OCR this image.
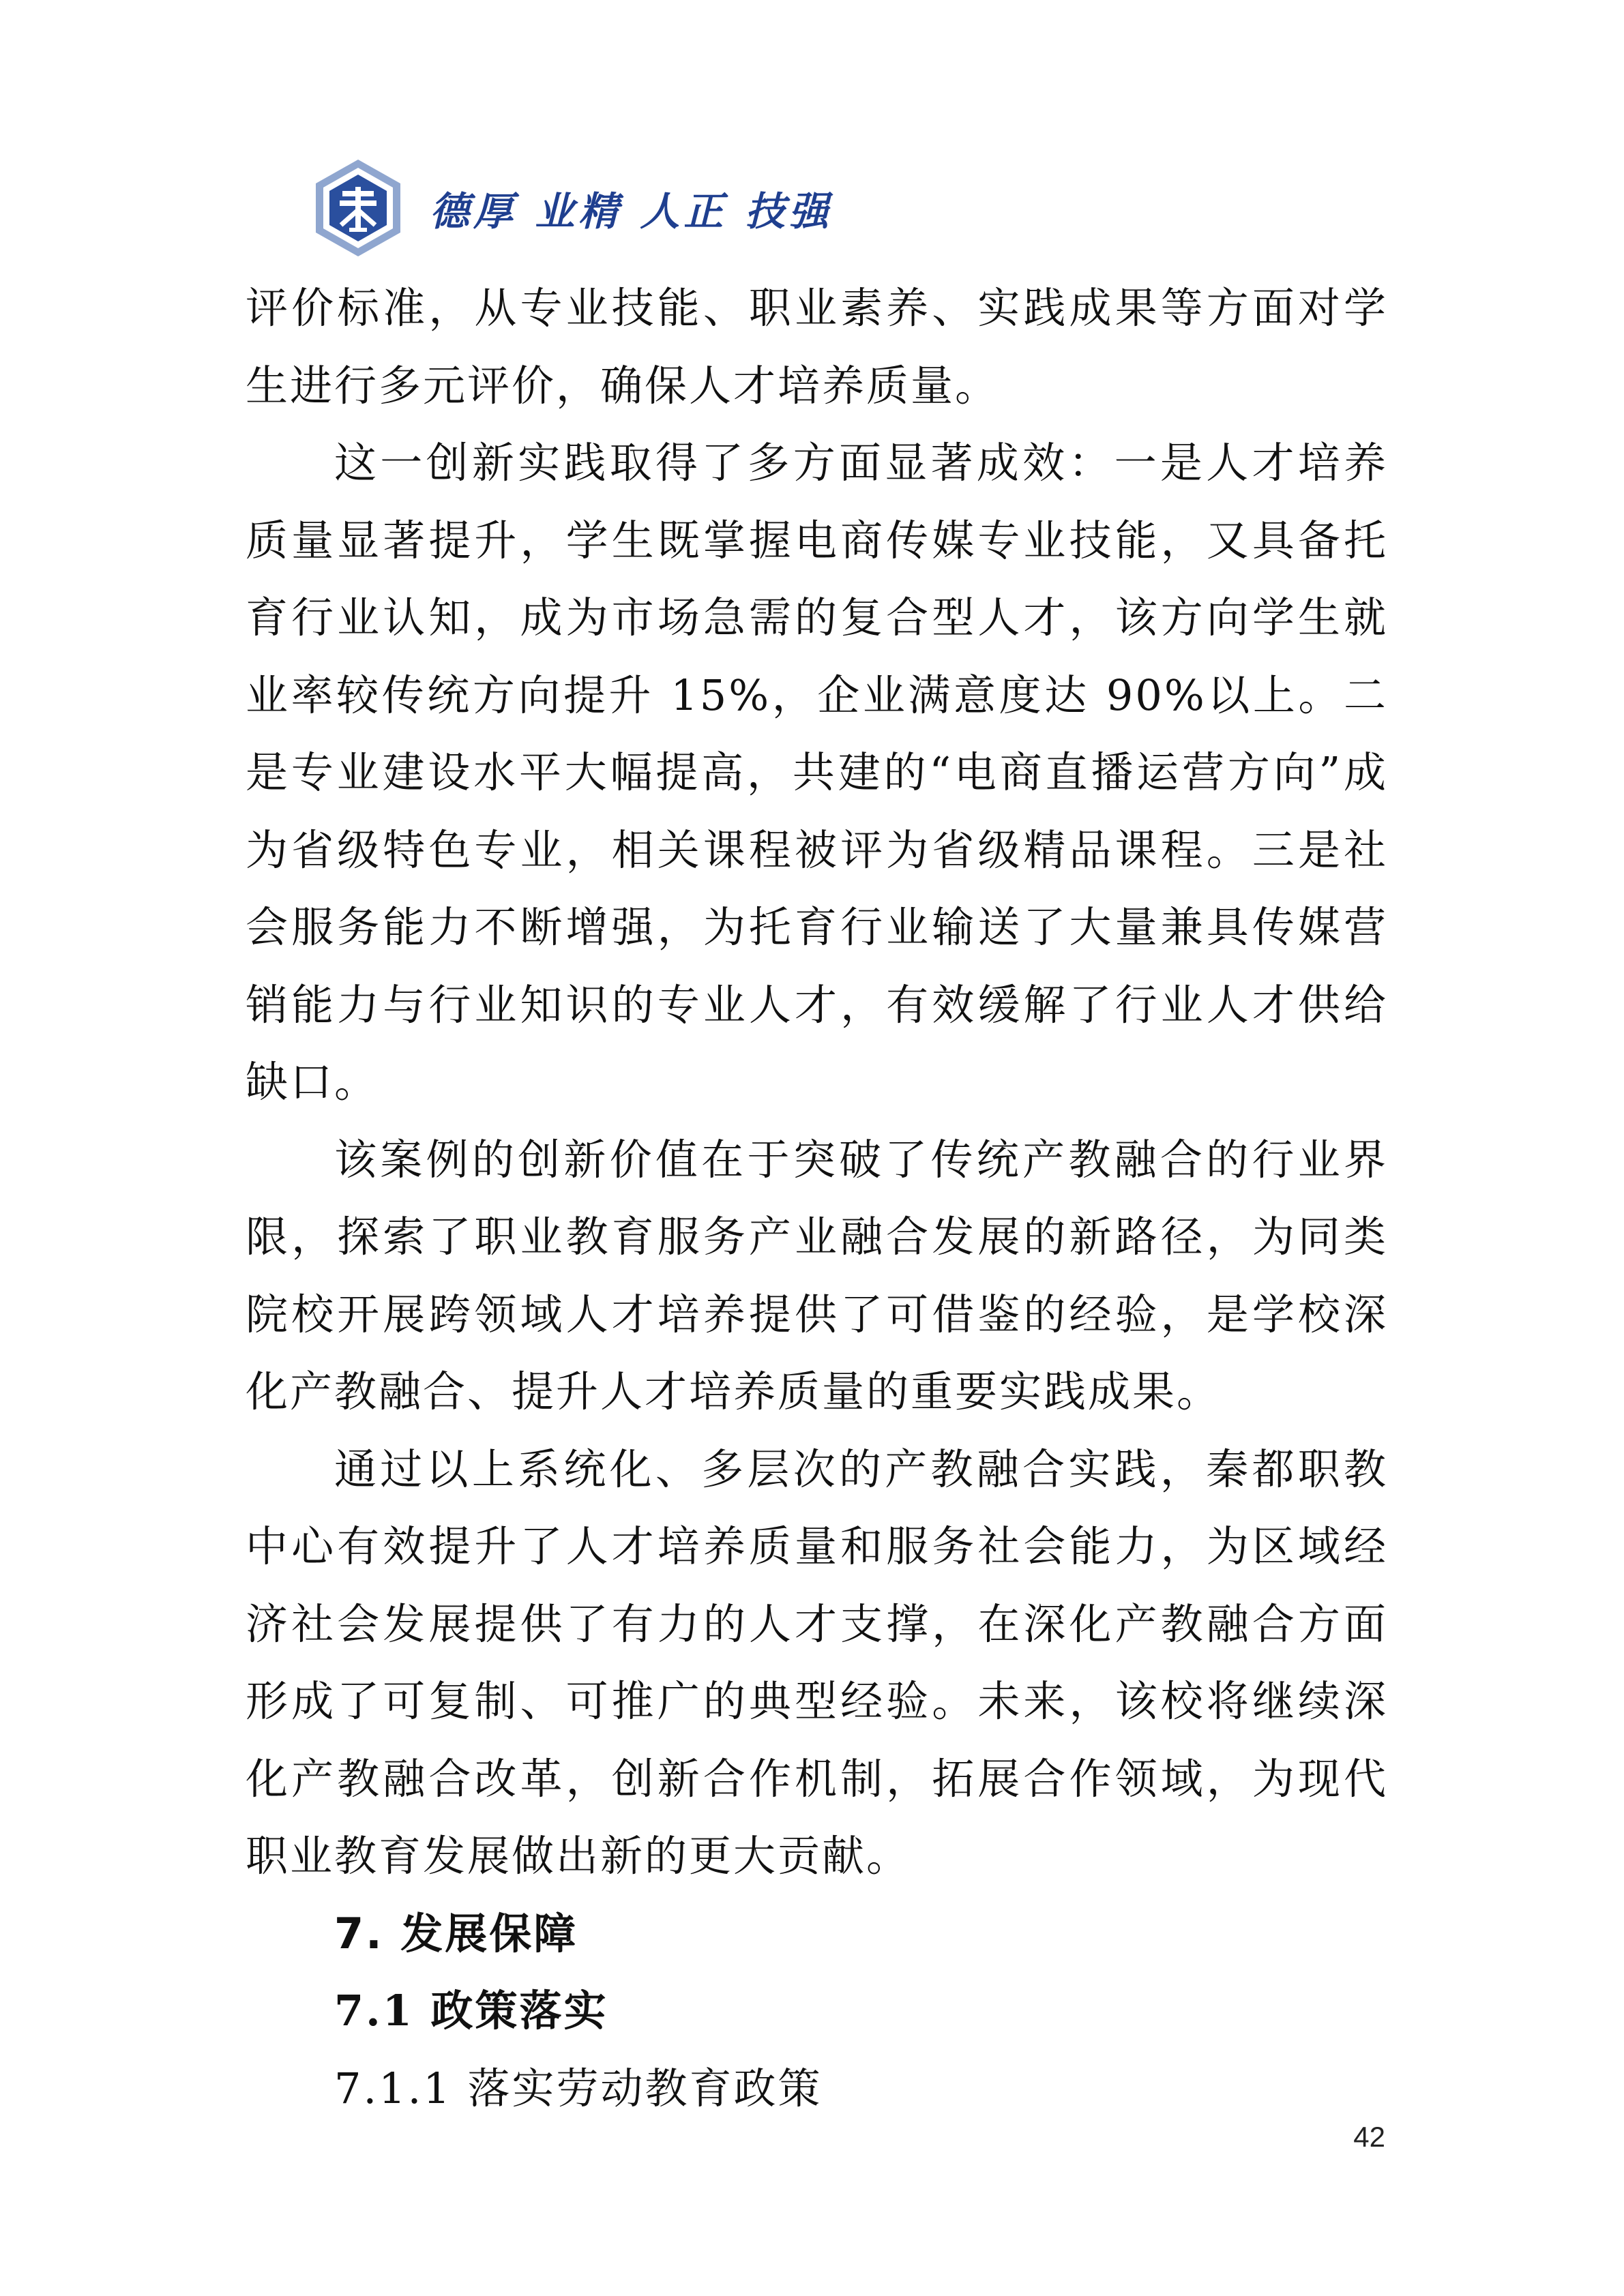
德厚 业精 人正 技强

评价标准，从专业技能、职业素养、实践成果等方面对学生进行多元评价，确保人才培养质量。

这一创新实践取得了多方面显著成效：一是人才培养质量显著提升，学生既掌握电商传媒专业技能，又具备托育行业认知，成为市场急需的复合型人才，该方向学生就业率较传统方向提升 15%，企业满意度达 90%以上。二是专业建设水平大幅提高，共建的“电商直播运营方向”成为省级特色专业，相关课程被评为省级精品课程。三是社会服务能力不断增强，为托育行业输送了大量兼具传媒营销能力与行业知识的专业人才，有效缓解了行业人才供给缺口。

该案例的创新价值在于突破了传统产教融合的行业界限，探索了职业教育服务产业融合发展的新路径，为同类院校开展跨领域人才培养提供了可借鉴的经验，是学校深化产教融合、提升人才培养质量的重要实践成果。

通过以上系统化、多层次的产教融合实践，秦都职教中心有效提升了人才培养质量和服务社会能力，为区域经济社会发展提供了有力的人才支撑，在深化产教融合方面形成了可复制、可推广的典型经验。未来，该校将继续深化产教融合改革，创新合作机制，拓展合作领域，为现代职业教育发展做出新的更大贡献。

7. 发展保障
7.1 政策落实
7.1.1 落实劳动教育政策
42
